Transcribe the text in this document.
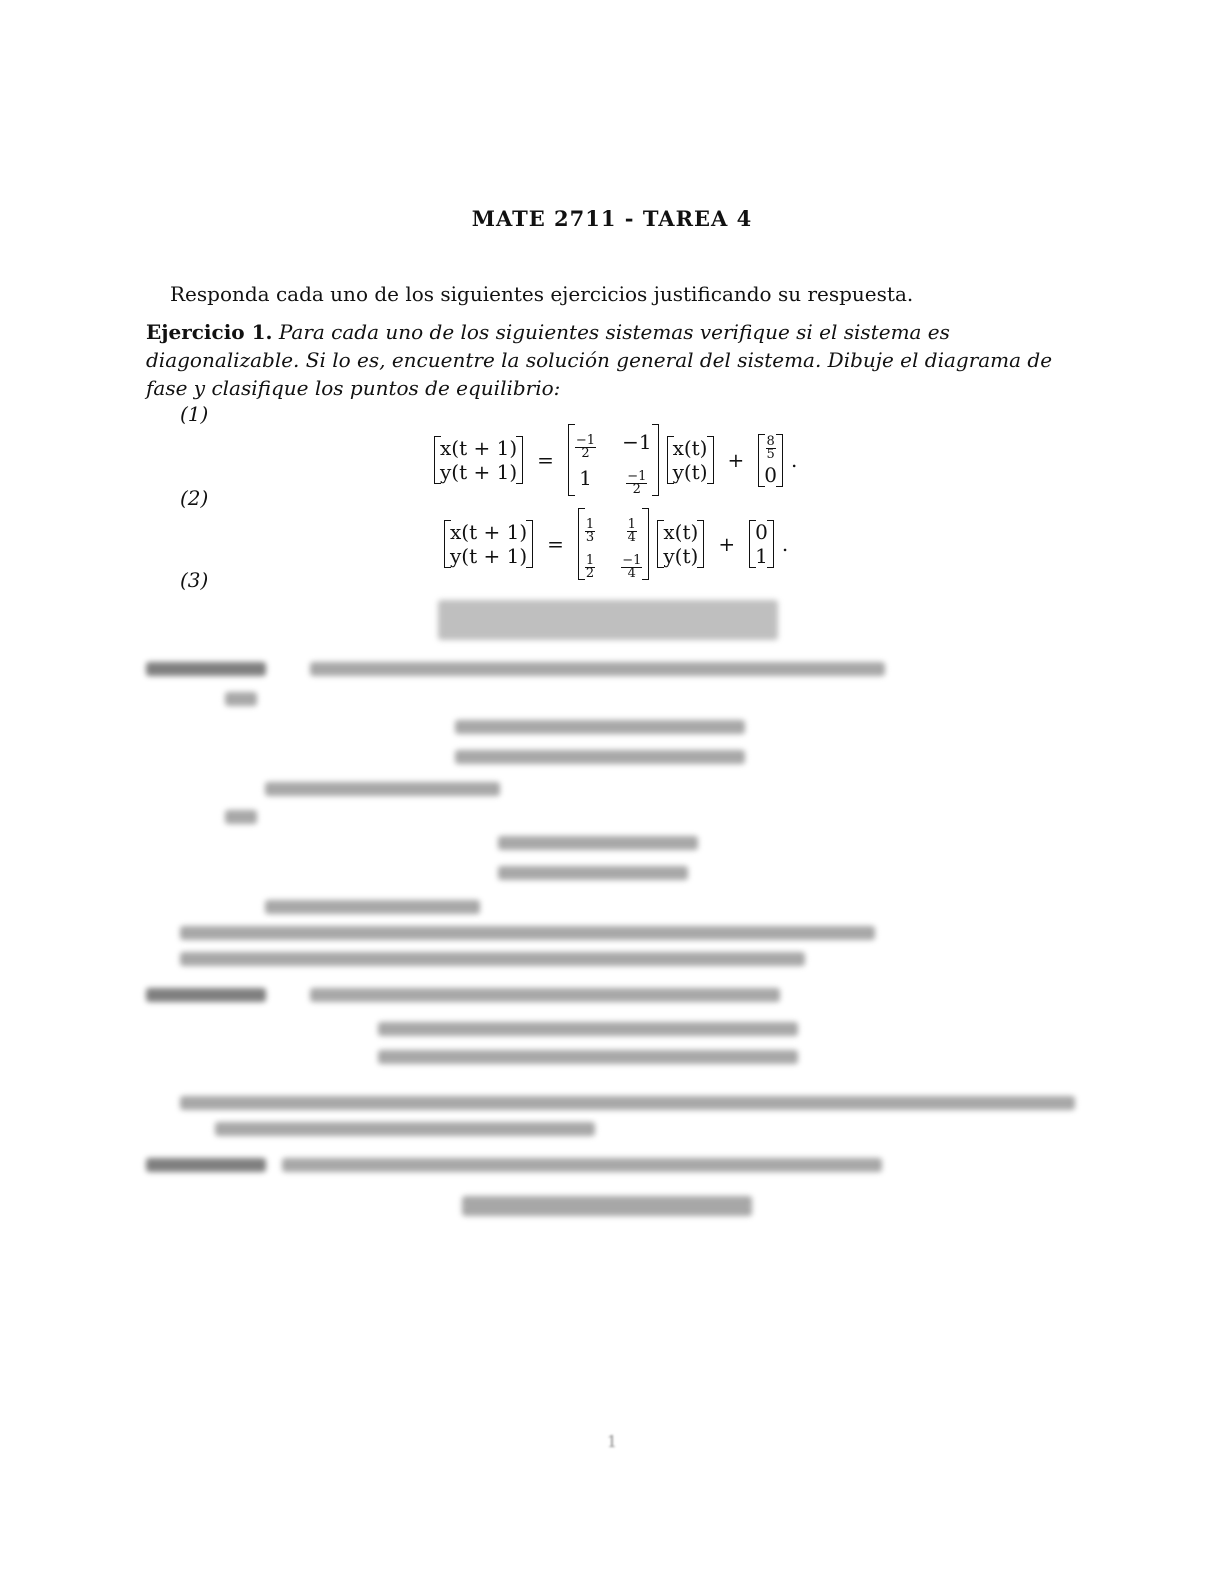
MATE 2711 - TAREA 4
Responda cada uno de los siguientes ejercicios justificando su respuesta.
Ejercicio 1. Para cada uno de los siguientes sistemas verifique si el sistema es diagonalizable. Si lo es, encuentre la solución general del sistema. Dibuje el diagrama de fase y clasifique los puntos de equilibrio:
(1)
x(t + 1)
$y(t + 1) = \frac{-1}{2} -1$
1	$\frac{-1}{2}$
x(t)
$y(t) + \frac{8}{5}$
0
.
(2)
x(t + 1)
$y(t + 1) = \frac{1}{3} \frac{1}{4}$
$\frac{1}{2} \frac{-1}{4}$
x(t)
y(t) + 0
1 .
(3)
1
